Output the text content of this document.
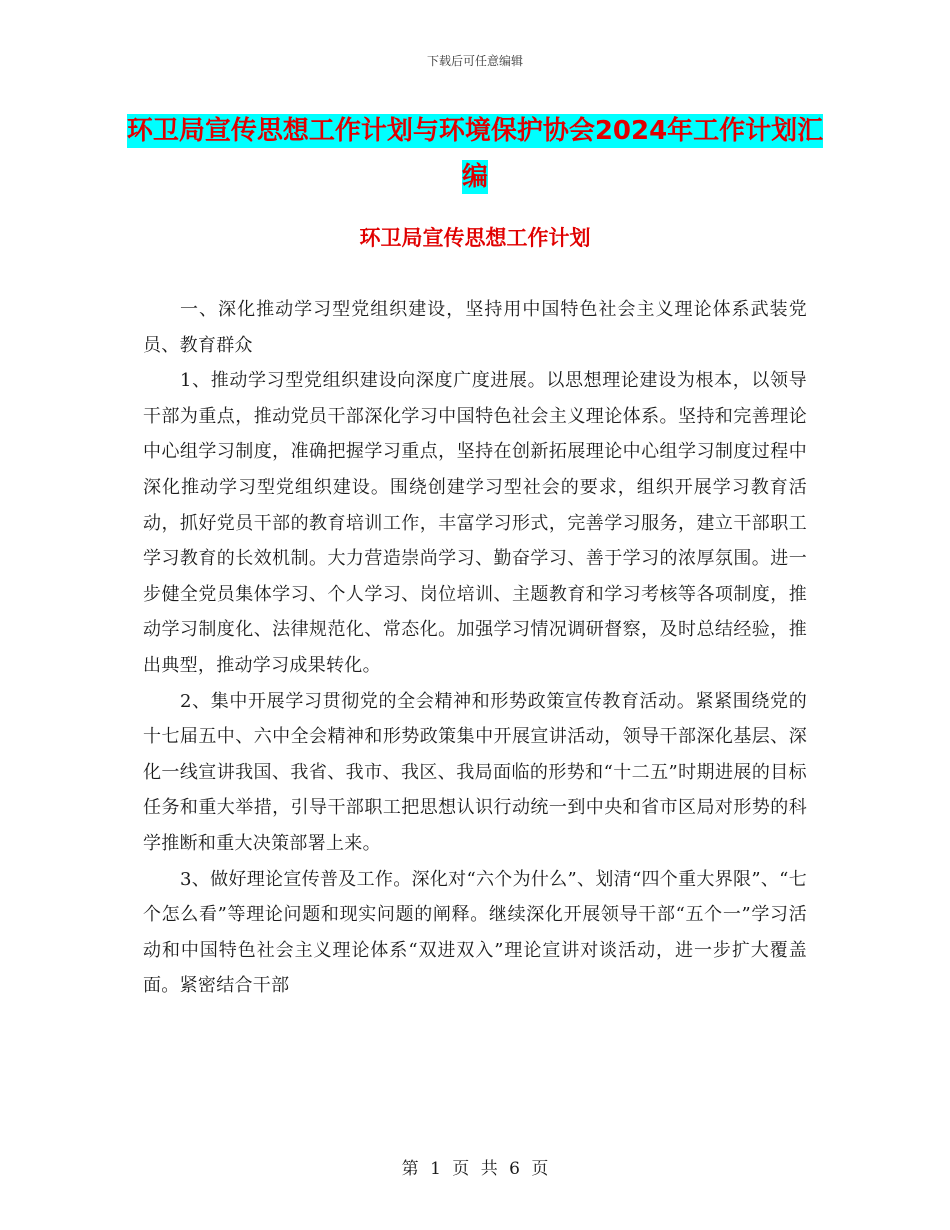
下载后可任意编辑
环卫局宣传思想工作计划与环境保护协会2024年工作计划汇编
环卫局宣传思想工作计划

一、深化推动学习型党组织建设，坚持用中国特色社会主义理论体系武装党员、教育群众

1、推动学习型党组织建设向深度广度进展。以思想理论建设为根本，以领导干部为重点，推动党员干部深化学习中国特色社会主义理论体系。坚持和完善理论中心组学习制度，准确把握学习重点，坚持在创新拓展理论中心组学习制度过程中深化推动学习型党组织建设。围绕创建学习型社会的要求，组织开展学习教育活动，抓好党员干部的教育培训工作，丰富学习形式，完善学习服务，建立干部职工学习教育的长效机制。大力营造崇尚学习、勤奋学习、善于学习的浓厚氛围。进一步健全党员集体学习、个人学习、岗位培训、主题教育和学习考核等各项制度，推动学习制度化、法律规范化、常态化。加强学习情况调研督察，及时总结经验，推出典型，推动学习成果转化。

2、集中开展学习贯彻党的全会精神和形势政策宣传教育活动。紧紧围绕党的十七届五中、六中全会精神和形势政策集中开展宣讲活动，领导干部深化基层、深化一线宣讲我国、我省、我市、我区、我局面临的形势和“十二五”时期进展的目标任务和重大举措，引导干部职工把思想认识行动统一到中央和省市区局对形势的科学推断和重大决策部署上来。

3、做好理论宣传普及工作。深化对“六个为什么”、划清“四个重大界限”、“七个怎么看”等理论问题和现实问题的阐释。继续深化开展领导干部“五个一”学习活动和中国特色社会主义理论体系“双进双入”理论宣讲对谈活动，进一步扩大覆盖面。紧密结合干部

第 1 页 共 6 页
